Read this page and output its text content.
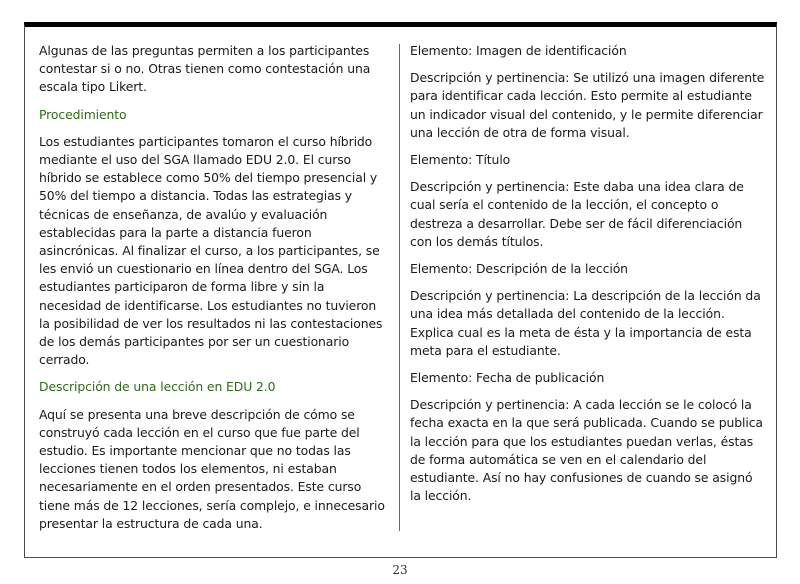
Algunas de las preguntas permiten a los participantes contestar si o no. Otras tienen como contestación una escala tipo Likert.

Procedimiento

Los estudiantes participantes tomaron el curso híbrido mediante el uso del SGA llamado EDU 2.0. El curso híbrido se establece como 50% del tiempo presencial y 50% del tiempo a distancia. Todas las estrategias y técnicas de enseñanza, de avalúo y evaluación establecidas para la parte a distancia fueron asincrónicas. Al finalizar el curso, a los participantes, se les envió un cuestionario en línea dentro del SGA. Los estudiantes participaron de forma libre y sin la necesidad de identificarse. Los estudiantes no tuvieron la posibilidad de ver los resultados ni las contestaciones de los demás participantes por ser un cuestionario cerrado.

Descripción de una lección en EDU 2.0

Aquí se presenta una breve descripción de cómo se construyó cada lección en el curso que fue parte del estudio. Es importante mencionar que no todas las lecciones tienen todos los elementos, ni estaban necesariamente en el orden presentados. Este curso tiene más de 12 lecciones, sería complejo, e innecesario presentar la estructura de cada una.

Elemento: Imagen de identificación

Descripción y pertinencia: Se utilizó una imagen diferente para identificar cada lección. Esto permite al estudiante un indicador visual del contenido, y le permite diferenciar una lección de otra de forma visual.

Elemento: Título

Descripción y pertinencia: Este daba una idea clara de cual sería el contenido de la lección, el concepto o destreza a desarrollar. Debe ser de fácil diferenciación con los demás títulos.

Elemento: Descripción de la lección

Descripción y pertinencia: La descripción de la lección da una idea más detallada del contenido de la lección. Explica cual es la meta de ésta y la importancia de esta meta para el estudiante.

Elemento: Fecha de publicación

Descripción y pertinencia: A cada lección se le colocó la fecha exacta en la que será publicada. Cuando se publica la lección para que los estudiantes puedan verlas, éstas de forma automática se ven en el calendario del estudiante. Así no hay confusiones de cuando se asignó la lección.

23
